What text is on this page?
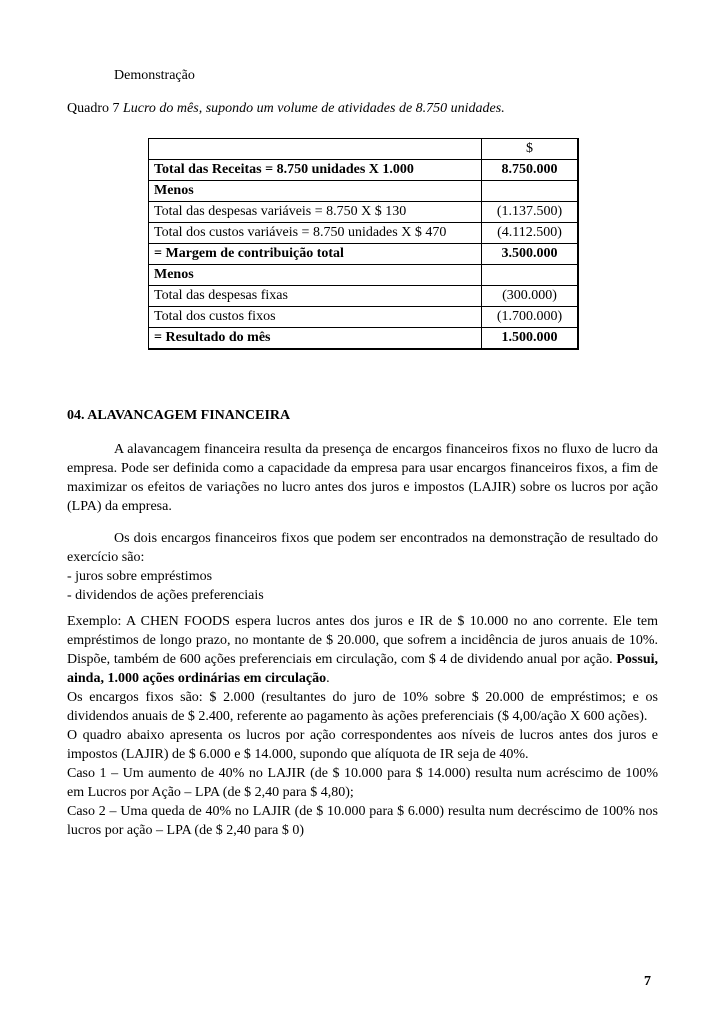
Demonstração
Quadro 7 Lucro do mês, supondo um volume de atividades de 8.750 unidades.
	$
Total das Receitas = 8.750 unidades X 1.000	8.750.000
Menos	
Total das despesas variáveis = 8.750 X $ 130	(1.137.500)
Total dos custos variáveis = 8.750 unidades X $ 470	(4.112.500)
= Margem de contribuição total	3.500.000
Menos	
Total das despesas fixas	(300.000)
Total dos custos fixos	(1.700.000)
= Resultado do mês	1.500.000
04. ALAVANCAGEM FINANCEIRA

A alavancagem financeira resulta da presença de encargos financeiros fixos no fluxo de lucro da empresa. Pode ser definida como a capacidade da empresa para usar encargos financeiros fixos, a fim de maximizar os efeitos de variações no lucro antes dos juros e impostos (LAJIR) sobre os lucros por ação (LPA) da empresa.

Os dois encargos financeiros fixos que podem ser encontrados na demonstração de resultado do exercício são:

- juros sobre empréstimos

- dividendos de ações preferenciais

Exemplo: A CHEN FOODS espera lucros antes dos juros e IR de $ 10.000 no ano corrente. Ele tem empréstimos de longo prazo, no montante de $ 20.000, que sofrem a incidência de juros anuais de 10%. Dispõe, também de 600 ações preferenciais em circulação, com $ 4 de dividendo anual por ação. Possui, ainda, 1.000 ações ordinárias em circulação.

Os encargos fixos são: $ 2.000 (resultantes do juro de 10% sobre $ 20.000 de empréstimos; e os dividendos anuais de $ 2.400, referente ao pagamento às ações preferenciais ($ 4,00/ação X 600 ações).

O quadro abaixo apresenta os lucros por ação correspondentes aos níveis de lucros antes dos juros e impostos (LAJIR) de $ 6.000 e $ 14.000, supondo que alíquota de IR seja de 40%.

Caso 1 – Um aumento de 40% no LAJIR (de $ 10.000 para $ 14.000) resulta num acréscimo de 100% em Lucros por Ação – LPA (de $ 2,40 para $ 4,80);

Caso 2 – Uma queda de 40% no LAJIR (de $ 10.000 para $ 6.000) resulta num decréscimo de 100% nos lucros por ação – LPA (de $ 2,40 para $ 0)

7
